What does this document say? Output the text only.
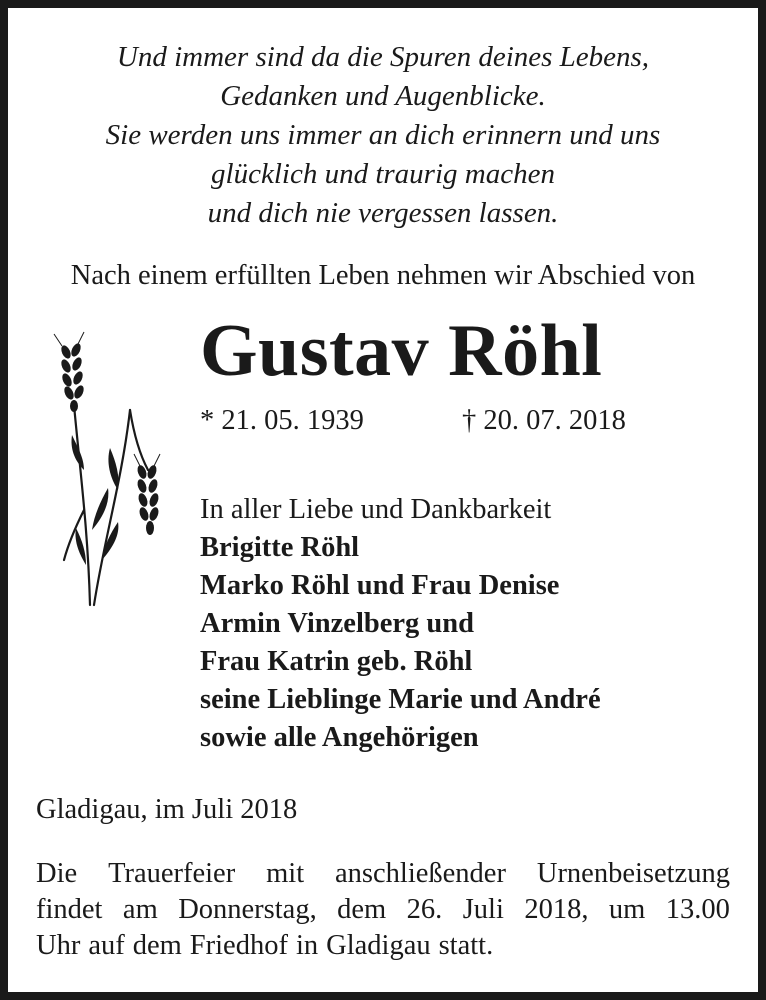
Und immer sind da die Spuren deines Lebens,
Gedanken und Augenblicke.
Sie werden uns immer an dich erinnern und uns
glücklich und traurig machen
und dich nie vergessen lassen.
Nach einem erfüllten Leben nehmen wir Abschied von
Gustav Röhl
* 21. 05. 1939	† 20. 07. 2018
In aller Liebe und Dankbarkeit
Brigitte Röhl
Marko Röhl und Frau Denise
Armin Vinzelberg und
Frau Katrin geb. Röhl
seine Lieblinge Marie und André
sowie alle Angehörigen
Gladigau, im Juli 2018
Die Trauerfeier mit anschließender Urnenbeisetzung
findet am Donnerstag, dem 26. Juli 2018, um 13.00
Uhr auf dem Friedhof in Gladigau statt.
